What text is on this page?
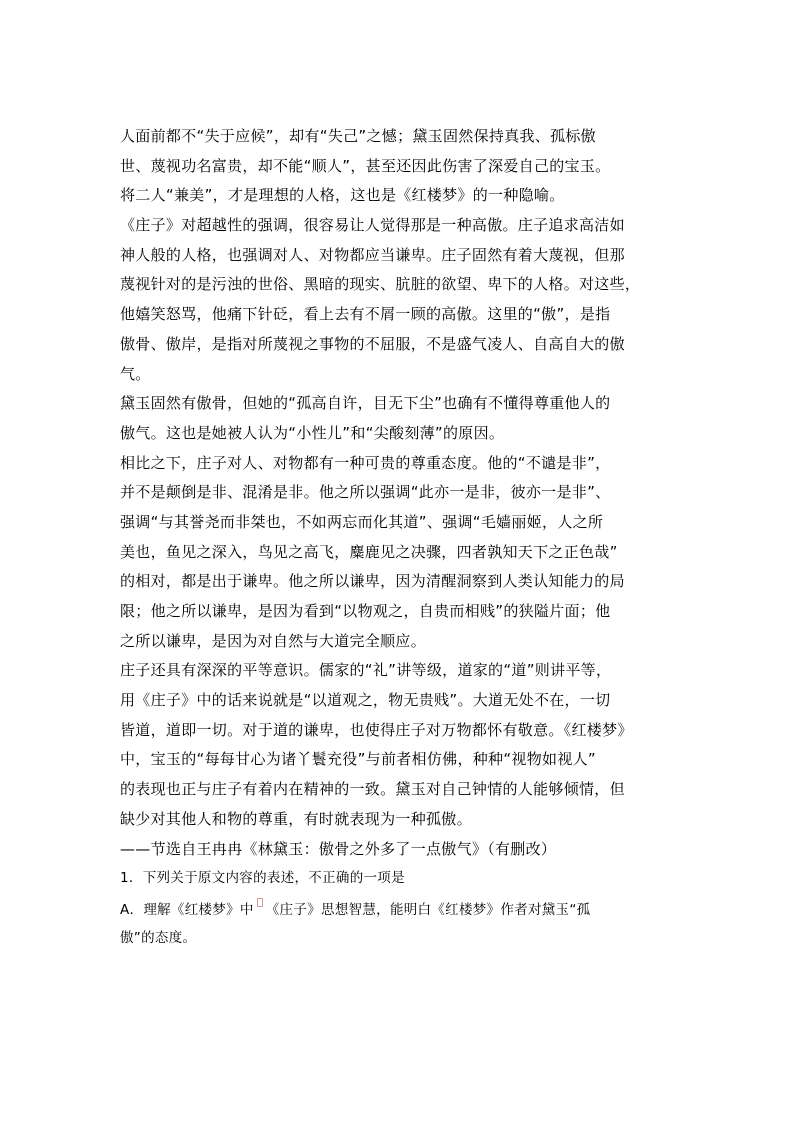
人面前都不“失于应候”，却有“失己”之憾；黛玉固然保持真我、孤标傲
世、蔑视功名富贵，却不能“顺人”，甚至还因此伤害了深爱自己的宝玉。
将二人“兼美”，才是理想的人格，这也是《红楼梦》的一种隐喻。
《庄子》对超越性的强调，很容易让人觉得那是一种高傲。庄子追求高洁如
神人般的人格，也强调对人、对物都应当谦卑。庄子固然有着大蔑视，但那
蔑视针对的是污浊的世俗、黑暗的现实、肮脏的欲望、卑下的人格。对这些，
他嬉笑怒骂，他痛下针砭，看上去有不屑一顾的高傲。这里的“傲”，是指
傲骨、傲岸，是指对所蔑视之事物的不屈服，不是盛气凌人、自高自大的傲
气。
黛玉固然有傲骨，但她的“孤高自许，目无下尘”也确有不懂得尊重他人的
傲气。这也是她被人认为“小性儿”和“尖酸刻薄”的原因。
相比之下，庄子对人、对物都有一种可贵的尊重态度。他的“不谴是非”，
并不是颠倒是非、混淆是非。他之所以强调“此亦一是非，彼亦一是非”、
强调“与其誉尧而非桀也，不如两忘而化其道”、强调“毛嫱丽姬，人之所
美也，鱼见之深入，鸟见之高飞，麋鹿见之决骤，四者孰知天下之正色哉”
的相对，都是出于谦卑。他之所以谦卑，因为清醒洞察到人类认知能力的局
限；他之所以谦卑，是因为看到“以物观之，自贵而相贱”的狭隘片面；他
之所以谦卑，是因为对自然与大道完全顺应。
庄子还具有深深的平等意识。儒家的“礼”讲等级，道家的“道”则讲平等，
用《庄子》中的话来说就是“以道观之，物无贵贱”。大道无处不在，一切
皆道，道即一切。对于道的谦卑，也使得庄子对万物都怀有敬意。《红楼梦》
中，宝玉的“每每甘心为诸丫鬟充役”与前者相仿佛，种种“视物如视人”
的表现也正与庄子有着内在精神的一致。黛玉对自己钟情的人能够倾情，但
缺少对其他人和物的尊重，有时就表现为一种孤傲。
——节选自王冉冉《林黛玉：傲骨之外多了一点傲气》（有删改）
1．下列关于原文内容的表述，不正确的一项是
A．理解《红楼梦》中 《庄子》思想智慧，能明白《红楼梦》作者对黛玉“孤
傲”的态度。
